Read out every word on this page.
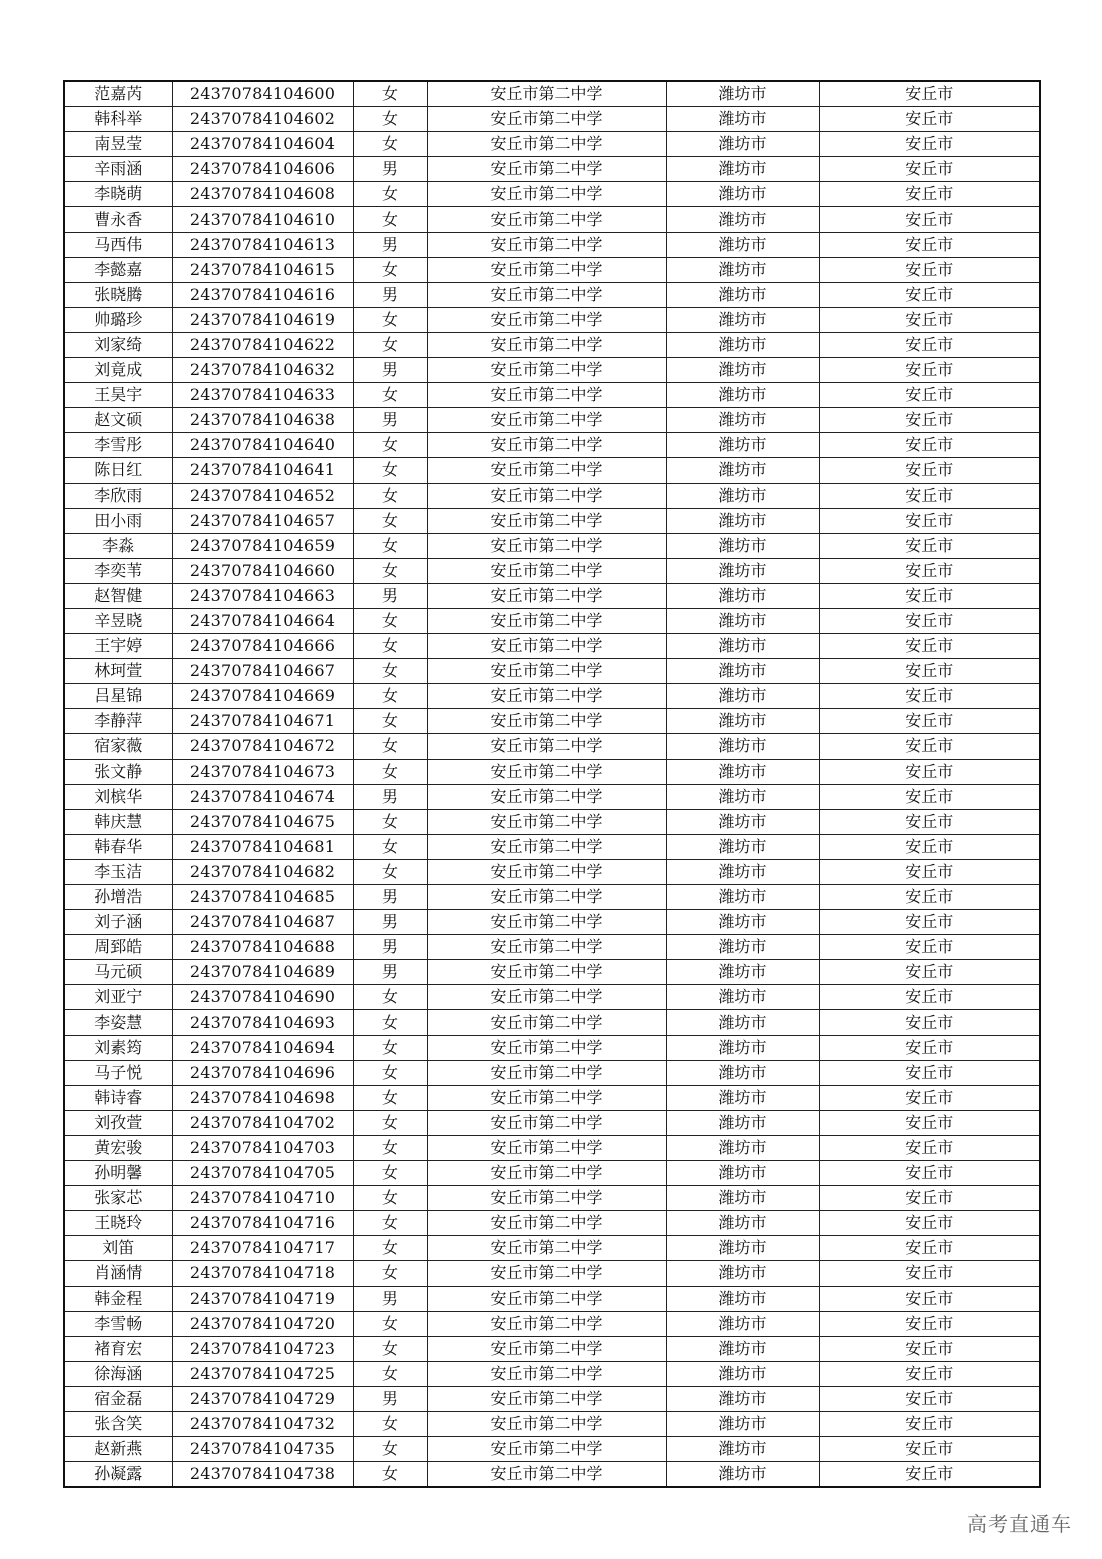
范嘉芮	24370784104600	女	安丘市第二中学	潍坊市	安丘市
韩科举	24370784104602	女	安丘市第二中学	潍坊市	安丘市
南昱莹	24370784104604	女	安丘市第二中学	潍坊市	安丘市
辛雨涵	24370784104606	男	安丘市第二中学	潍坊市	安丘市
李晓萌	24370784104608	女	安丘市第二中学	潍坊市	安丘市
曹永香	24370784104610	女	安丘市第二中学	潍坊市	安丘市
马西伟	24370784104613	男	安丘市第二中学	潍坊市	安丘市
李懿嘉	24370784104615	女	安丘市第二中学	潍坊市	安丘市
张晓腾	24370784104616	男	安丘市第二中学	潍坊市	安丘市
帅璐珍	24370784104619	女	安丘市第二中学	潍坊市	安丘市
刘家绮	24370784104622	女	安丘市第二中学	潍坊市	安丘市
刘竟成	24370784104632	男	安丘市第二中学	潍坊市	安丘市
王昊宇	24370784104633	女	安丘市第二中学	潍坊市	安丘市
赵文硕	24370784104638	男	安丘市第二中学	潍坊市	安丘市
李雪彤	24370784104640	女	安丘市第二中学	潍坊市	安丘市
陈日红	24370784104641	女	安丘市第二中学	潍坊市	安丘市
李欣雨	24370784104652	女	安丘市第二中学	潍坊市	安丘市
田小雨	24370784104657	女	安丘市第二中学	潍坊市	安丘市
李淼	24370784104659	女	安丘市第二中学	潍坊市	安丘市
李奕苇	24370784104660	女	安丘市第二中学	潍坊市	安丘市
赵智健	24370784104663	男	安丘市第二中学	潍坊市	安丘市
辛昱晓	24370784104664	女	安丘市第二中学	潍坊市	安丘市
王宇婷	24370784104666	女	安丘市第二中学	潍坊市	安丘市
林珂萱	24370784104667	女	安丘市第二中学	潍坊市	安丘市
吕星锦	24370784104669	女	安丘市第二中学	潍坊市	安丘市
李静萍	24370784104671	女	安丘市第二中学	潍坊市	安丘市
宿家薇	24370784104672	女	安丘市第二中学	潍坊市	安丘市
张文静	24370784104673	女	安丘市第二中学	潍坊市	安丘市
刘槟华	24370784104674	男	安丘市第二中学	潍坊市	安丘市
韩庆慧	24370784104675	女	安丘市第二中学	潍坊市	安丘市
韩春华	24370784104681	女	安丘市第二中学	潍坊市	安丘市
李玉洁	24370784104682	女	安丘市第二中学	潍坊市	安丘市
孙增浩	24370784104685	男	安丘市第二中学	潍坊市	安丘市
刘子涵	24370784104687	男	安丘市第二中学	潍坊市	安丘市
周郅皓	24370784104688	男	安丘市第二中学	潍坊市	安丘市
马元硕	24370784104689	男	安丘市第二中学	潍坊市	安丘市
刘亚宁	24370784104690	女	安丘市第二中学	潍坊市	安丘市
李姿慧	24370784104693	女	安丘市第二中学	潍坊市	安丘市
刘素筠	24370784104694	女	安丘市第二中学	潍坊市	安丘市
马子悦	24370784104696	女	安丘市第二中学	潍坊市	安丘市
韩诗睿	24370784104698	女	安丘市第二中学	潍坊市	安丘市
刘孜萱	24370784104702	女	安丘市第二中学	潍坊市	安丘市
黄宏骏	24370784104703	女	安丘市第二中学	潍坊市	安丘市
孙明馨	24370784104705	女	安丘市第二中学	潍坊市	安丘市
张家芯	24370784104710	女	安丘市第二中学	潍坊市	安丘市
王晓玲	24370784104716	女	安丘市第二中学	潍坊市	安丘市
刘笛	24370784104717	女	安丘市第二中学	潍坊市	安丘市
肖涵情	24370784104718	女	安丘市第二中学	潍坊市	安丘市
韩金程	24370784104719	男	安丘市第二中学	潍坊市	安丘市
李雪畅	24370784104720	女	安丘市第二中学	潍坊市	安丘市
褚育宏	24370784104723	女	安丘市第二中学	潍坊市	安丘市
徐海涵	24370784104725	女	安丘市第二中学	潍坊市	安丘市
宿金磊	24370784104729	男	安丘市第二中学	潍坊市	安丘市
张含笑	24370784104732	女	安丘市第二中学	潍坊市	安丘市
赵新燕	24370784104735	女	安丘市第二中学	潍坊市	安丘市
孙凝露	24370784104738	女	安丘市第二中学	潍坊市	安丘市
高考直通车
